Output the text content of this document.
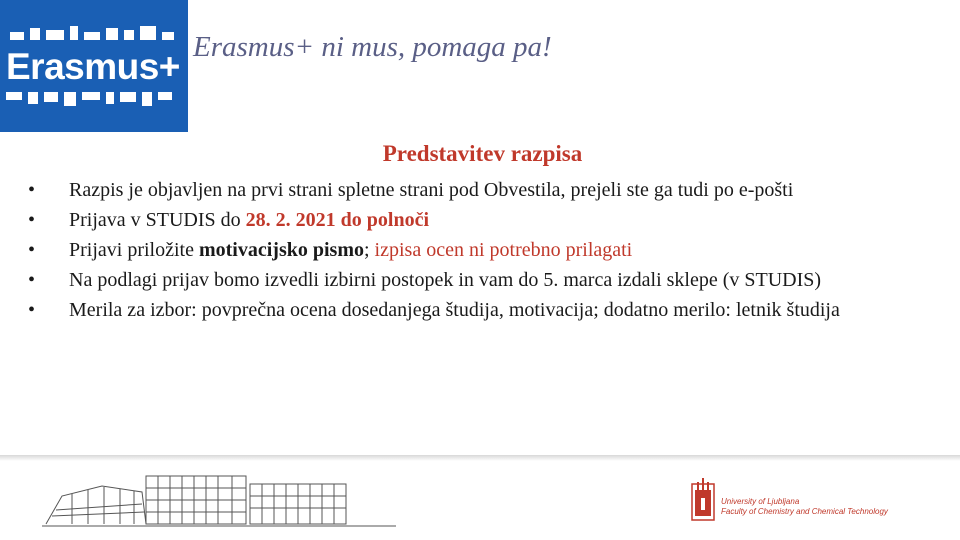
Erasmus+ Erasmus+ ni mus, pomaga pa!
Predstavitev razpisa
• Razpis je objavljen na prvi strani spletne strani pod Obvestila, prejeli ste ga tudi po e-pošti
• Prijava v STUDIS do 28. 2. 2021 do polnoči
• Prijavi priložite motivacijsko pismo; izpisa ocen ni potrebno prilagati
• Na podlagi prijav bomo izvedli izbirni postopek in vam do 5. marca izdali sklepe (v STUDIS)
• Merila za izbor: povprečna ocena dosedanjega študija, motivacija; dodatno merilo: letnik študija
University of Ljubljana
Faculty of Chemistry and Chemical Technology
